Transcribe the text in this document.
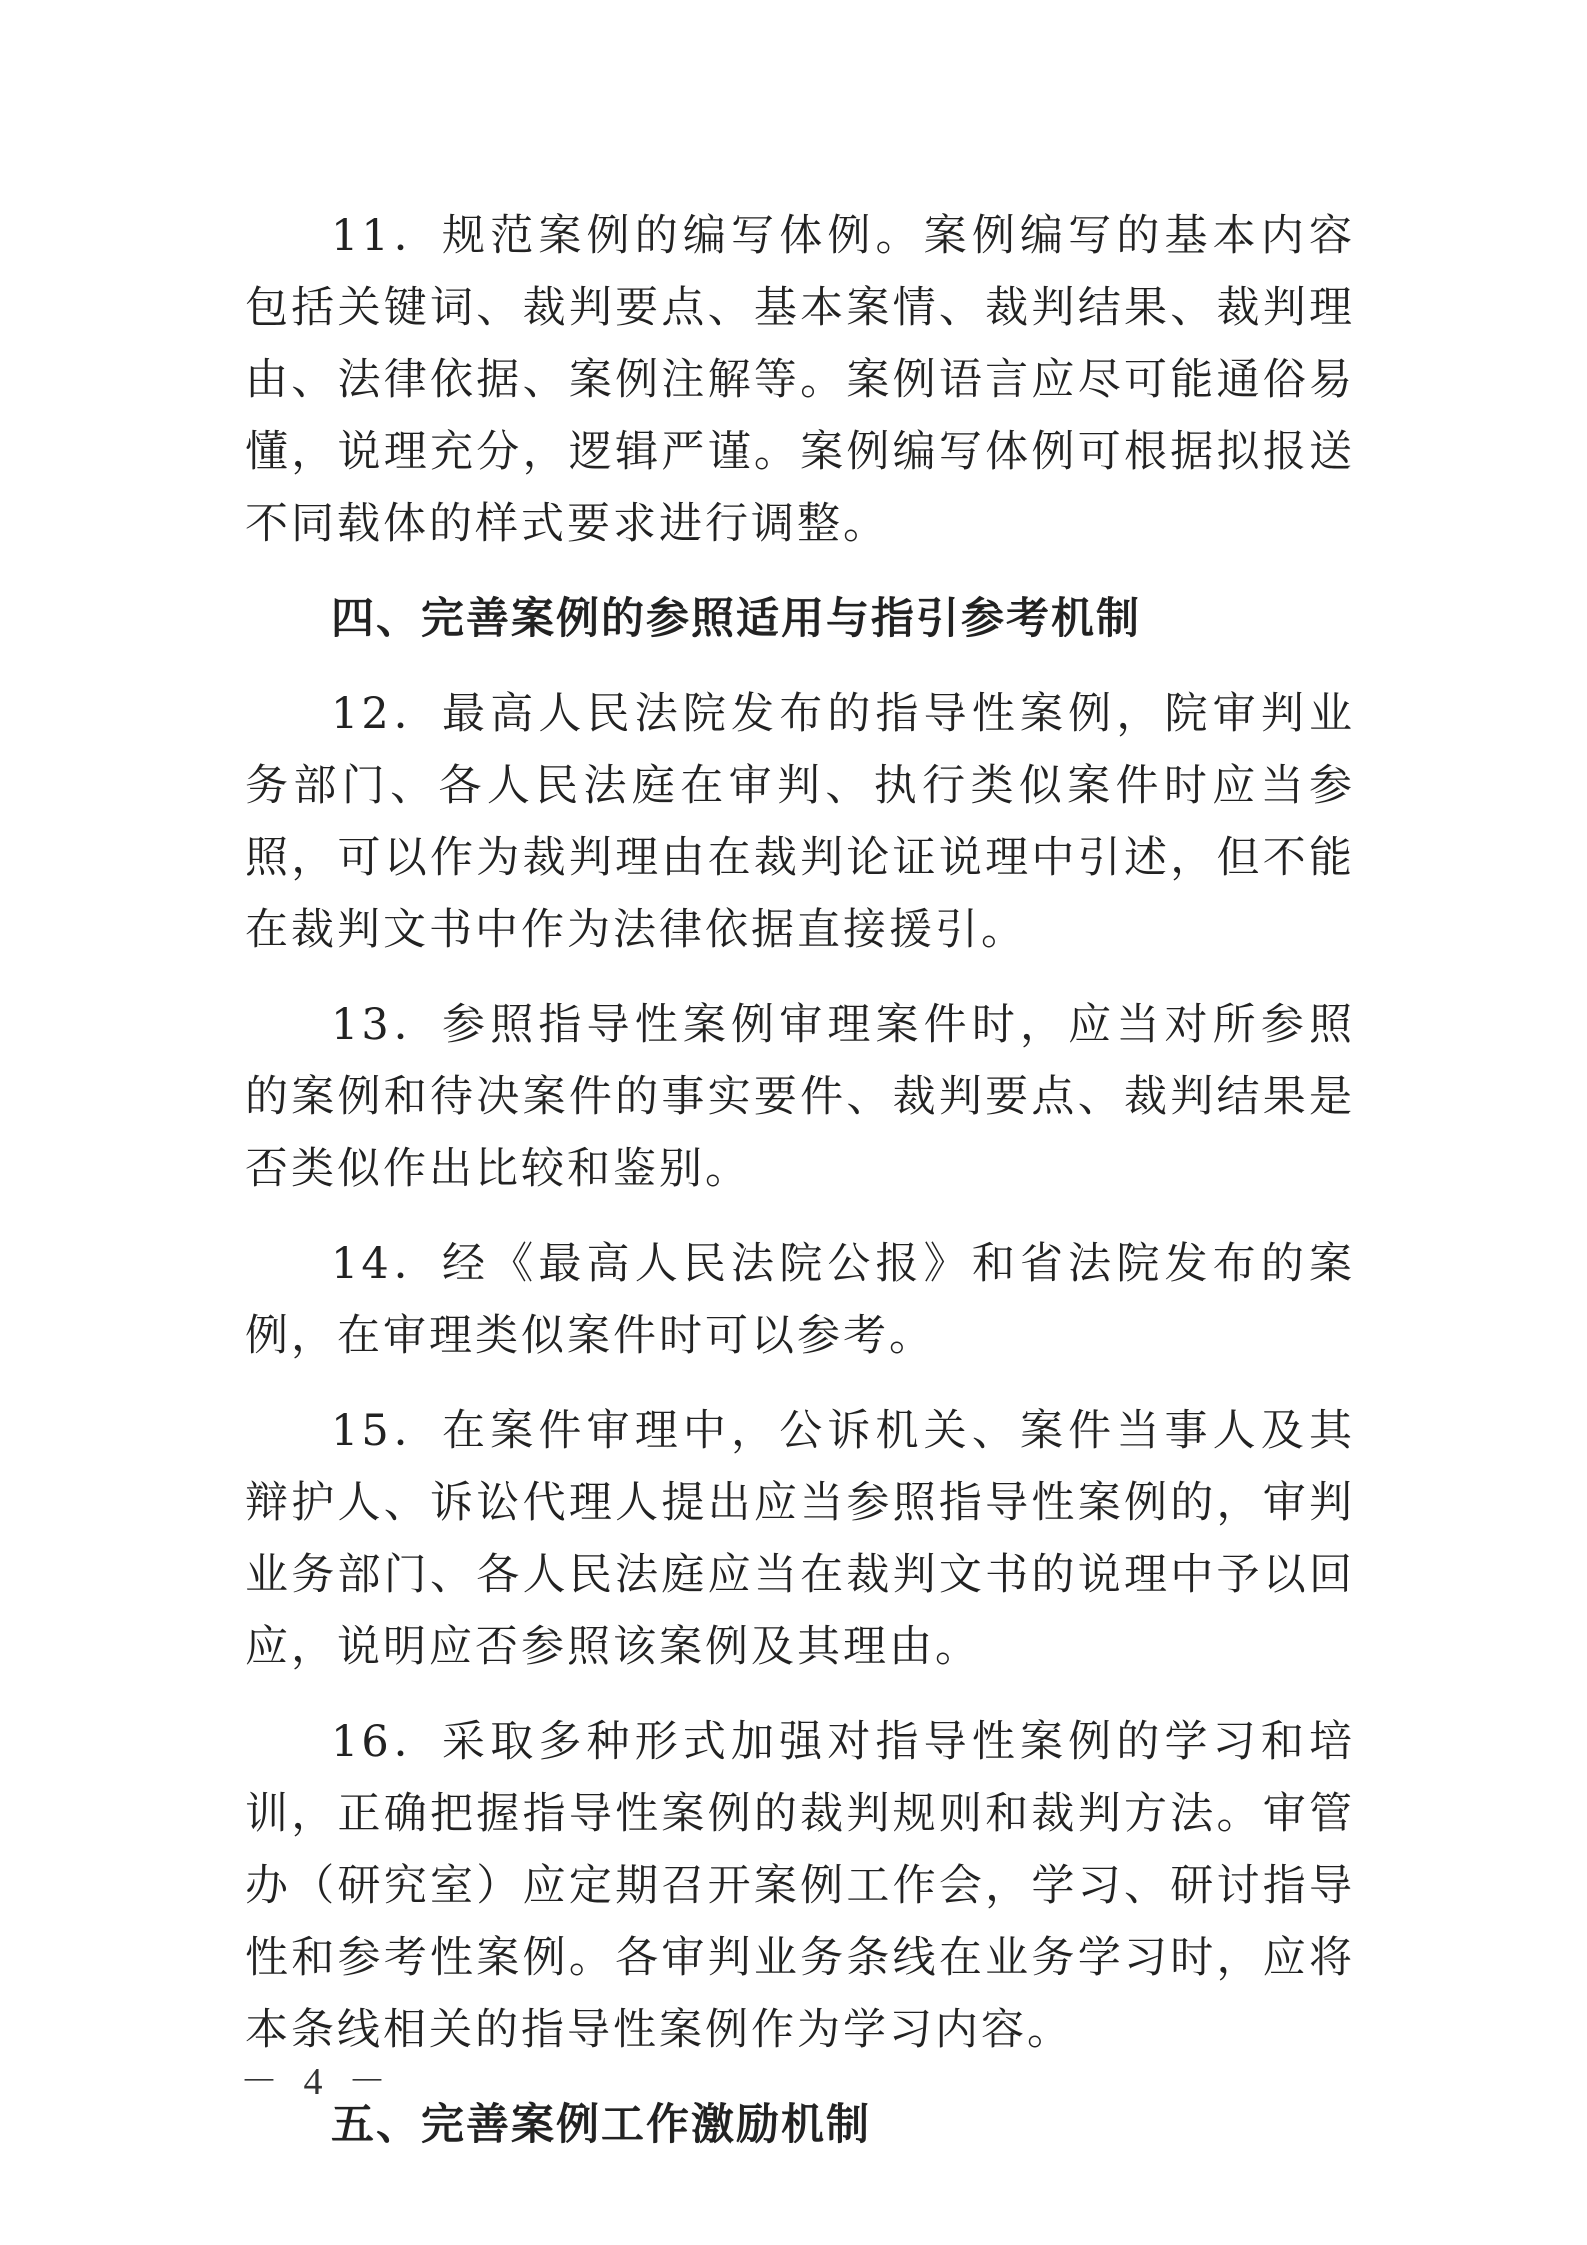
11．规范案例的编写体例。案例编写的基本内容包括关键词、裁判要点、基本案情、裁判结果、裁判理由、法律依据、案例注解等。案例语言应尽可能通俗易懂，说理充分，逻辑严谨。案例编写体例可根据拟报送不同载体的样式要求进行调整。

四、完善案例的参照适用与指引参考机制

12．最高人民法院发布的指导性案例，院审判业务部门、各人民法庭在审判、执行类似案件时应当参照，可以作为裁判理由在裁判论证说理中引述，但不能在裁判文书中作为法律依据直接援引。

13．参照指导性案例审理案件时，应当对所参照的案例和待决案件的事实要件、裁判要点、裁判结果是否类似作出比较和鉴别。

14．经《最高人民法院公报》和省法院发布的案例，在审理类似案件时可以参考。

15．在案件审理中，公诉机关、案件当事人及其辩护人、诉讼代理人提出应当参照指导性案例的，审判业务部门、各人民法庭应当在裁判文书的说理中予以回应，说明应否参照该案例及其理由。

16．采取多种形式加强对指导性案例的学习和培训，正确把握指导性案例的裁判规则和裁判方法。审管办（研究室）应定期召开案例工作会，学习、研讨指导性和参考性案例。各审判业务条线在业务学习时，应将本条线相关的指导性案例作为学习内容。

五、完善案例工作激励机制

－ 4 －
